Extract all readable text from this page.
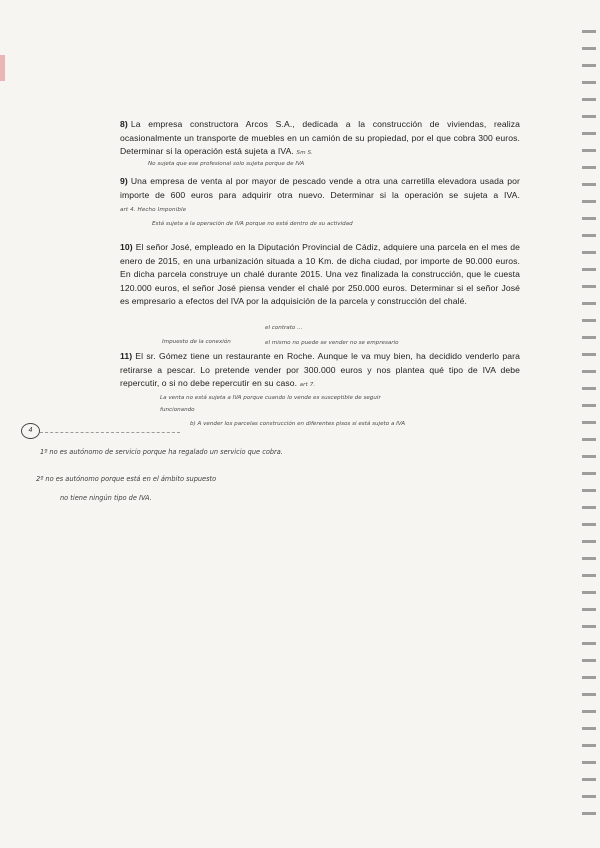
8) La empresa constructora Arcos S.A., dedicada a la construcción de viviendas, realiza ocasionalmente un transporte de muebles en un camión de su propiedad, por el que cobra 300 euros. Determinar si la operación está sujeta a IVA. Sm S.

No sujeta que ese profesional solo sujeta porque de IVA

9) Una empresa de venta al por mayor de pescado vende a otra una carretilla elevadora usada por importe de 600 euros para adquirir otra nuevo. Determinar si la operación se sujeta a IVA. art 4. Hecho Imponible

Está sujeta a la operación de IVA porque no está dentro de su actividad

10) El señor José, empleado en la Diputación Provincial de Cádiz, adquiere una parcela en el mes de enero de 2015, en una urbanización situada a 10 Km. de dicha ciudad, por importe de 90.000 euros. En dicha parcela construye un chalé durante 2015. Una vez finalizada la construcción, que le cuesta 120.000 euros, el señor José piensa vender el chalé por 250.000 euros. Determinar si el señor José es empresario a efectos del IVA por la adquisición de la parcela y construcción del chalé.

el contrato ...
Impuesto de la conexión	el mismo no puede se vender no se empresario

11) El sr. Gómez tiene un restaurante en Roche. Aunque le va muy bien, ha decidido venderlo para retirarse a pescar. Lo pretende vender por 300.000 euros y nos plantea qué tipo de IVA debe repercutir, o si no debe repercutir en su caso. art 7.

La venta no está sujeta a IVA porque cuando lo vende es susceptible de seguir
funcionando
b) A vender los parcelas construcción en diferentes pisos si está sujeto a IVA
4
1º no es autónomo de servicio porque ha regalado un servicio que cobra.
2º no es autónomo porque está en el ámbito supuesto
no tiene ningún tipo de IVA.
